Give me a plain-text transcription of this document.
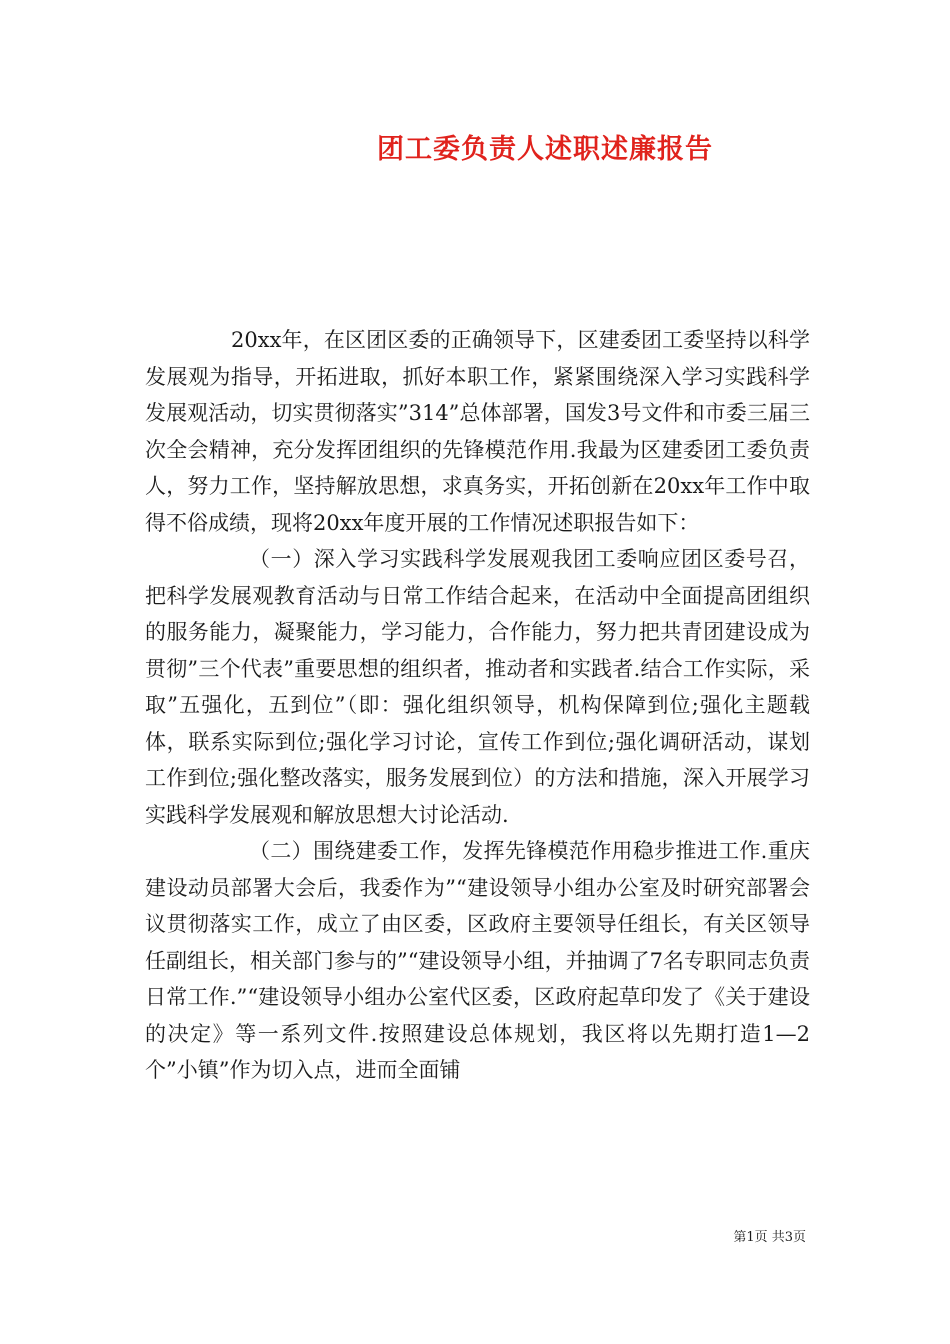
团工委负责人述职述廉报告

20xx年，在区团区委的正确领导下，区建委团工委坚持以科学发展观为指导，开拓进取，抓好本职工作，紧紧围绕深入学习实践科学发展观活动，切实贯彻落实”314”总体部署，国发3号文件和市委三届三次全会精神，充分发挥团组织的先锋模范作用.我最为区建委团工委负责人，努力工作，坚持解放思想，求真务实，开拓创新在20xx年工作中取得不俗成绩，现将20xx年度开展的工作情况述职报告如下：

（一）深入学习实践科学发展观我团工委响应团区委号召，把科学发展观教育活动与日常工作结合起来，在活动中全面提高团组织的服务能力，凝聚能力，学习能力，合作能力，努力把共青团建设成为贯彻”三个代表”重要思想的组织者，推动者和实践者.结合工作实际，采取”五强化，五到位”（即：强化组织领导，机构保障到位;强化主题载体，联系实际到位;强化学习讨论，宣传工作到位;强化调研活动，谋划工作到位;强化整改落实，服务发展到位）的方法和措施，深入开展学习实践科学发展观和解放思想大讨论活动.

（二）围绕建委工作，发挥先锋模范作用稳步推进工作.重庆建设动员部署大会后，我委作为”“建设领导小组办公室及时研究部署会议贯彻落实工作，成立了由区委，区政府主要领导任组长，有关区领导任副组长，相关部门参与的”“建设领导小组，并抽调了7名专职同志负责日常工作.”“建设领导小组办公室代区委，区政府起草印发了《关于建设的决定》等一系列文件.按照建设总体规划，我区将以先期打造1—2个”小镇”作为切入点，进而全面铺

第1页 共3页
